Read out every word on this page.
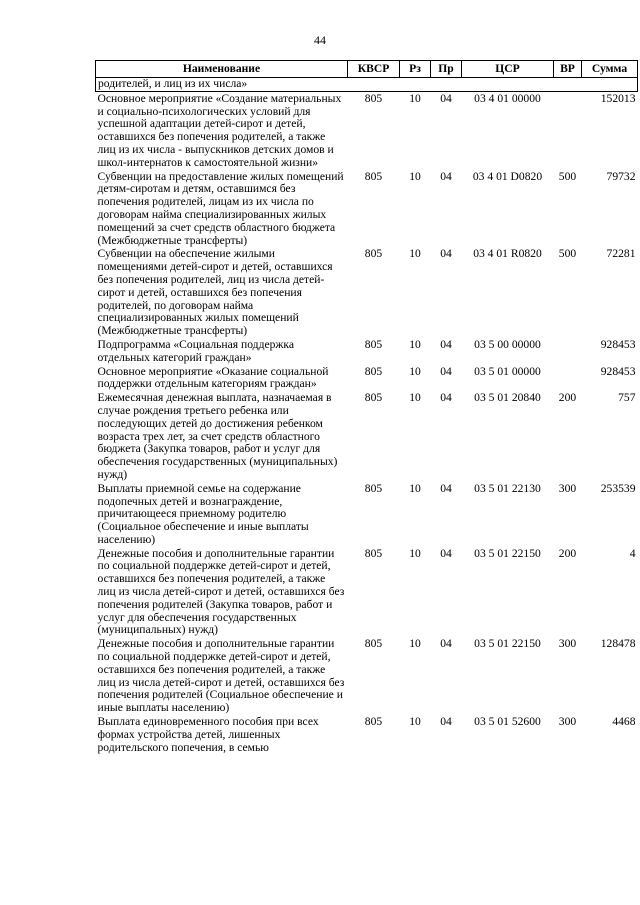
44
Наименование	КВСР	Рз	Пр	ЦСР	ВР	Сумма
родителей, и лиц из их числа»						
Основное мероприятие «Создание материальных и социально-психологических условий для успешной адаптации детей-сирот и детей, оставшихся без попечения родителей, а также лиц из их числа - выпускников детских домов и школ-интернатов к самостоятельной жизни»	805	10	04	03 4 01 00000		152013
Субвенции на предоставление жилых помещений детям-сиротам и детям, оставшимся без попечения родителей, лицам из их числа по договорам найма специализированных жилых помещений за счет средств областного бюджета (Межбюджетные трансферты)	805	10	04	03 4 01 D0820	500	79732
Субвенции на обеспечение жилыми помещениями детей-сирот и детей, оставшихся без попечения родителей, лиц из числа детей-сирот и детей, оставшихся без попечения родителей, по договорам найма специализированных жилых помещений (Межбюджетные трансферты)	805	10	04	03 4 01 R0820	500	72281
Подпрограмма «Социальная поддержка отдельных категорий граждан»	805	10	04	03 5 00 00000		928453
Основное мероприятие «Оказание социальной поддержки отдельным категориям граждан»	805	10	04	03 5 01 00000		928453
Ежемесячная денежная выплата, назначаемая в случае рождения третьего ребенка или последующих детей до достижения ребенком возраста трех лет, за счет средств областного бюджета (Закупка товаров, работ и услуг для обеспечения государственных (муниципальных) нужд)	805	10	04	03 5 01 20840	200	757
Выплаты приемной семье на содержание подопечных детей и вознаграждение, причитающееся приемному родителю (Социальное обеспечение и иные выплаты населению)	805	10	04	03 5 01 22130	300	253539
Денежные пособия и дополнительные гарантии по социальной поддержке детей-сирот и детей, оставшихся без попечения родителей, а также лиц из числа детей-сирот и детей, оставшихся без попечения родителей (Закупка товаров, работ и услуг для обеспечения государственных (муниципальных) нужд)	805	10	04	03 5 01 22150	200	4
Денежные пособия и дополнительные гарантии по социальной поддержке детей-сирот и детей, оставшихся без попечения родителей, а также лиц из числа детей-сирот и детей, оставшихся без попечения родителей (Социальное обеспечение и иные выплаты населению)	805	10	04	03 5 01 22150	300	128478
Выплата единовременного пособия при всех формах устройства детей, лишенных родительского попечения, в семью	805	10	04	03 5 01 52600	300	4468
